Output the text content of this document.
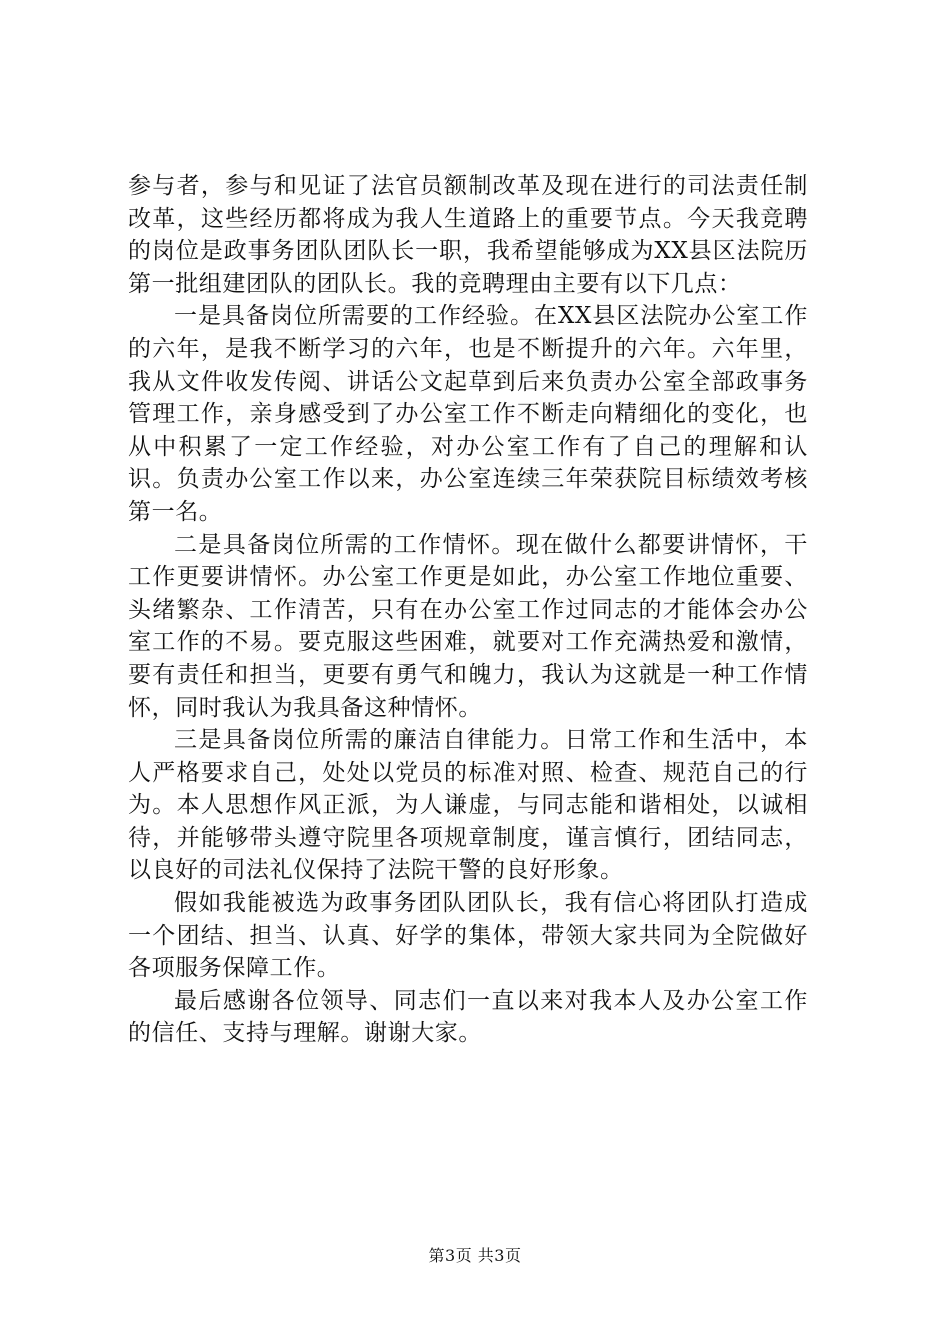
参与者，参与和见证了法官员额制改革及现在进行的司法责任制改革，这些经历都将成为我人生道路上的重要节点。今天我竞聘的岗位是政事务团队团队长一职，我希望能够成为XX县区法院历第一批组建团队的团队长。我的竞聘理由主要有以下几点：

一是具备岗位所需要的工作经验。在XX县区法院办公室工作的六年，是我不断学习的六年，也是不断提升的六年。六年里，我从文件收发传阅、讲话公文起草到后来负责办公室全部政事务管理工作，亲身感受到了办公室工作不断走向精细化的变化，也从中积累了一定工作经验，对办公室工作有了自己的理解和认识。负责办公室工作以来，办公室连续三年荣获院目标绩效考核第一名。

二是具备岗位所需的工作情怀。现在做什么都要讲情怀，干工作更要讲情怀。办公室工作更是如此，办公室工作地位重要、头绪繁杂、工作清苦，只有在办公室工作过同志的才能体会办公室工作的不易。要克服这些困难，就要对工作充满热爱和激情，要有责任和担当，更要有勇气和魄力，我认为这就是一种工作情怀，同时我认为我具备这种情怀。

三是具备岗位所需的廉洁自律能力。日常工作和生活中，本人严格要求自己，处处以党员的标准对照、检查、规范自己的行为。本人思想作风正派，为人谦虚，与同志能和谐相处，以诚相待，并能够带头遵守院里各项规章制度，谨言慎行，团结同志，以良好的司法礼仪保持了法院干警的良好形象。

假如我能被选为政事务团队团队长，我有信心将团队打造成一个团结、担当、认真、好学的集体，带领大家共同为全院做好各项服务保障工作。

最后感谢各位领导、同志们一直以来对我本人及办公室工作的信任、支持与理解。谢谢大家。

第3页 共3页
